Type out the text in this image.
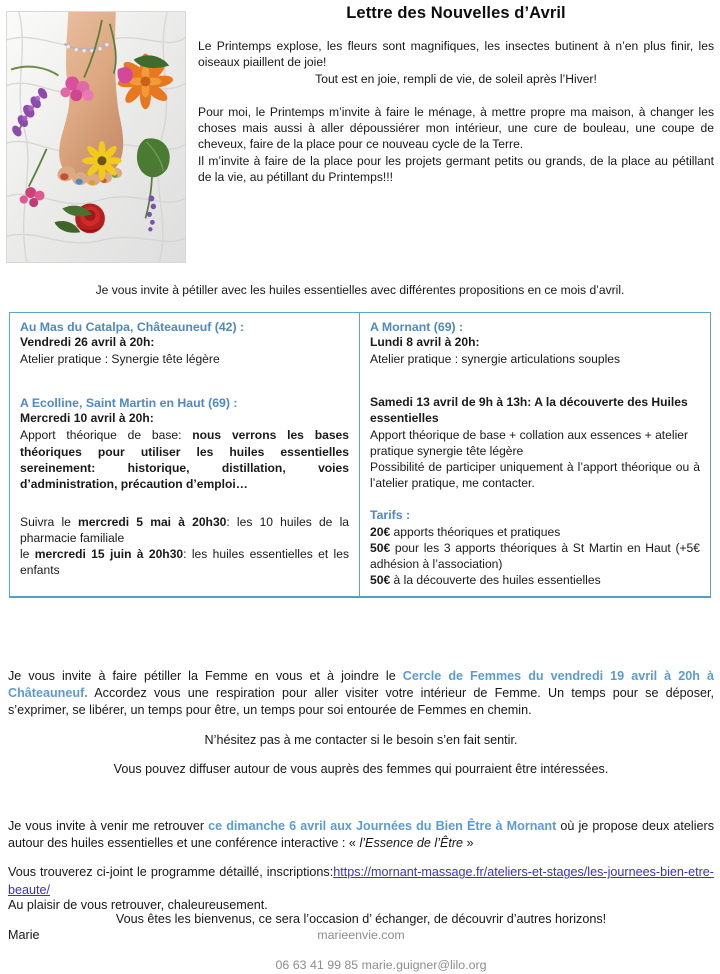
Lettre des Nouvelles d’Avril

Le Printemps explose, les fleurs sont magnifiques, les insectes butinent à n’en plus finir, les oiseaux piaillent de joie!

Tout est en joie, rempli de vie, de soleil après l’Hiver!

Pour moi, le Printemps m’invite à faire le ménage, à mettre propre ma maison, à changer les choses mais aussi à aller dépoussiérer mon intérieur, une cure de bouleau, une coupe de cheveux, faire de la place pour ce nouveau cycle de la Terre.

Il m’invite à faire de la place pour les projets germant petits ou grands, de la place au pétillant de la vie, au pétillant du Printemps!!!

Je vous invite à pétiller avec les huiles essentielles avec différentes propositions en ce mois d’avril.

Au Mas du Catalpa, Châteauneuf (42) :

Vendredi 26 avril à 20h:

Atelier pratique : Synergie tête légère

A Ecolline, Saint Martin en Haut (69) :

Mercredi 10 avril à 20h:

Apport théorique de base: nous verrons les bases théoriques pour utiliser les huiles essentielles sereinement: historique, distillation, voies d’administration, précaution d’emploi…

Suivra le mercredi 5 mai à 20h30: les 10 huiles de la pharmacie familiale

le mercredi 15 juin à 20h30: les huiles essentielles et les enfants

A Mornant (69) :

Lundi 8 avril à 20h:

Atelier pratique : synergie articulations souples

Samedi 13 avril de 9h à 13h: A la découverte des Huiles essentielles

Apport théorique de base + collation aux essences + atelier pratique synergie tête légère

Possibilité de participer uniquement à l’apport théorique ou à l’atelier pratique, me contacter.

Tarifs :

20€ apports théoriques et pratiques

50€ pour les 3 apports théoriques à St Martin en Haut (+5€ adhésion à l’association)

50€ à la découverte des huiles essentielles

Je vous invite à faire pétiller la Femme en vous et à joindre le Cercle de Femmes du vendredi 19 avril à 20h à Châteauneuf. Accordez vous une respiration pour aller visiter votre intérieur de Femme. Un temps pour se déposer, s’exprimer, se libérer, un temps pour être, un temps pour soi entourée de Femmes en chemin.

N’hésitez pas à me contacter si le besoin s’en fait sentir.

Vous pouvez diffuser autour de vous auprès des femmes qui pourraient être intéressées.

Je vous invite à venir me retrouver ce dimanche 6 avril aux Journées du Bien Être à Mornant où je propose deux ateliers autour des huiles essentielles et une conférence interactive : « l’Essence de l’Être »

Vous trouverez ci-joint le programme détaillé, inscriptions:https://mornant-massage.fr/ateliers-et-stages/les-journees-bien-etre-beaute/

Vous êtes les bienvenus, ce sera l’occasion d’ échanger, de découvrir d’autres horizons!

Au plaisir de vous retrouver, chaleureusement.

Marie	marieenvie.com
06 63 41 99 85 marie.guigner@lilo.org
